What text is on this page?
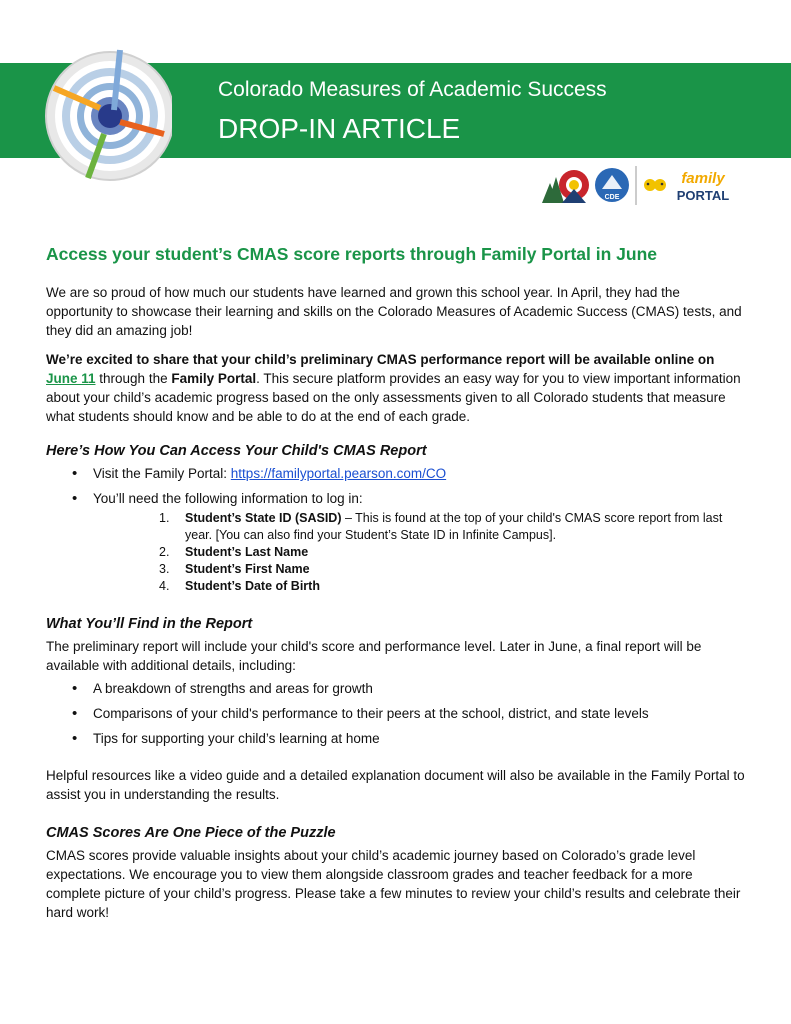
Colorado Measures of Academic Success
DROP-IN ARTICLE
CDE
family
PORTAL
Access your student’s CMAS score reports through Family Portal in June

We are so proud of how much our students have learned and grown this school year. In April, they had the opportunity to showcase their learning and skills on the Colorado Measures of Academic Success (CMAS) tests, and they did an amazing job!

We’re excited to share that your child’s preliminary CMAS performance report will be available online on June 11 through the Family Portal. This secure platform provides an easy way for you to view important information about your child’s academic progress based on the only assessments given to all Colorado students that measure what students should know and be able to do at the end of each grade.

Here’s How You Can Access Your Child's CMAS Report
• Visit the Family Portal: https://familyportal.pearson.com/CO
• You’ll need the following information to log in:
1. Student’s State ID (SASID) – This is found at the top of your child's CMAS score report from last year. [You can also find your Student’s State ID in Infinite Campus].
2. Student’s Last Name
3. Student’s First Name
4. Student’s Date of Birth
What You’ll Find in the Report

The preliminary report will include your child's score and performance level. Later in June, a final report will be available with additional details, including:

• A breakdown of strengths and areas for growth
• Comparisons of your child's performance to their peers at the school, district, and state levels
• Tips for supporting your child’s learning at home

Helpful resources like a video guide and a detailed explanation document will also be available in the Family Portal to assist you in understanding the results.

CMAS Scores Are One Piece of the Puzzle

CMAS scores provide valuable insights about your child’s academic journey based on Colorado’s grade level expectations. We encourage you to view them alongside classroom grades and teacher feedback for a more complete picture of your child’s progress. Please take a few minutes to review your child’s results and celebrate their hard work!
